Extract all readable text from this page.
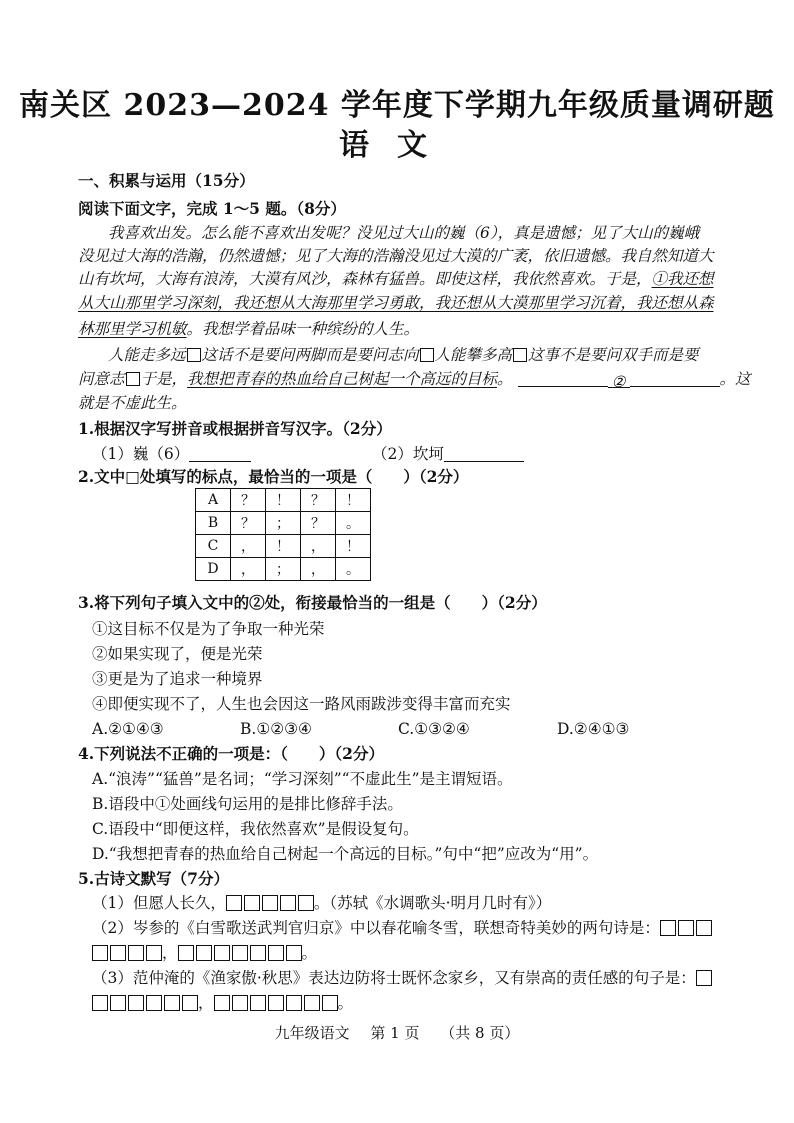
南关区 2023—2024 学年度下学期九年级质量调研题
语文
一、积累与运用（15分）
阅读下面文字，完成 1～5 题。（8分）
我喜欢出发。怎么能不喜欢出发呢？没见过大山的巍（6），真是遗憾；见了大山的巍峨
没见过大海的浩瀚，仍然遗憾；见了大海的浩瀚没见过大漠的广袤，依旧遗憾。我自然知道大
山有坎坷，大海有浪涛，大漠有风沙，森林有猛兽。即使这样，我依然喜欢。于是，①我还想
从大山那里学习深刻，我还想从大海那里学习勇敢，我还想从大漠那里学习沉着，我还想从森
林那里学习机敏。我想学着品味一种缤纷的人生。
人能走多远 这话不是要问两脚而是要问志向 人能攀多高 这事不是要问双手而是要
问意志 于是，我想把青春的热血给自己树起一个高远的目标。	②	。这
就是不虚此生。
1.根据汉字写拼音或根据拼音写汉字。（2分）
（1）巍（6）	（2）坎坷
2.文中□处填写的标点，最恰当的一项是（　　）（2分）
A	？	！	？	！
B	？	；	？	。
C	，	！	，	！
D	，	；	，	。
3.将下列句子填入文中的②处，衔接最恰当的一组是（　　）（2分）
①这目标不仅是为了争取一种光荣
②如果实现了，便是光荣
③更是为了追求一种境界
④即便实现不了，人生也会因这一路风雨跋涉变得丰富而充实
A.②①④③	B.①②③④	C.①③②④	D.②④①③
4.下列说法不正确的一项是：（　　）（2分）
A.“浪涛”“猛兽”是名词；“学习深刻”“不虚此生”是主谓短语。
B.语段中①处画线句运用的是排比修辞手法。
C.语段中“即便这样，我依然喜欢”是假设复句。
D.“我想把青春的热血给自己树起一个高远的目标。”句中“把”应改为“用”。
5.古诗文默写（7分）
（1）但愿人长久，	。（苏轼《水调歌头·明月几时有》）
（2）岑参的《白雪歌送武判官归京》中以春花喻冬雪，联想奇特美妙的两句诗是：
，	。
（3）范仲淹的《渔家傲·秋思》表达边防将士既怀念家乡，又有崇高的责任感的句子是：
，	。
九年级语文 第 1 页 （共 8 页）
